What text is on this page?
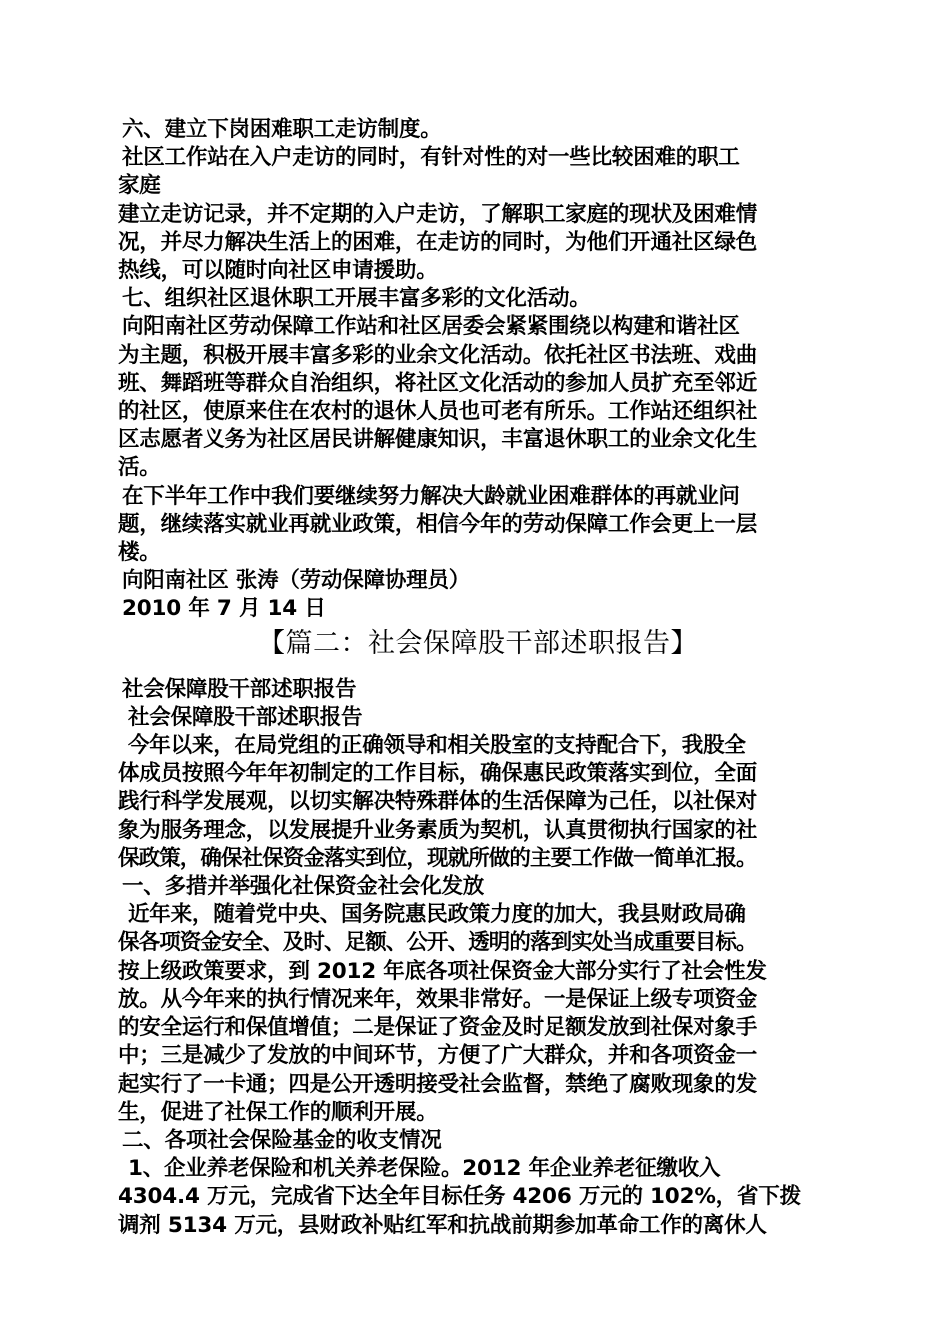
六、建立下岗困难职工走访制度。
社区工作站在入户走访的同时，有针对性的对一些比较困难的职工
家庭
建立走访记录，并不定期的入户走访，了解职工家庭的现状及困难情
况，并尽力解决生活上的困难，在走访的同时，为他们开通社区绿色
热线，可以随时向社区申请援助。
七、组织社区退休职工开展丰富多彩的文化活动。
向阳南社区劳动保障工作站和社区居委会紧紧围绕以构建和谐社区
为主题，积极开展丰富多彩的业余文化活动。依托社区书法班、戏曲
班、舞蹈班等群众自治组织，将社区文化活动的参加人员扩充至邻近
的社区，使原来住在农村的退休人员也可老有所乐。工作站还组织社
区志愿者义务为社区居民讲解健康知识，丰富退休职工的业余文化生
活。
在下半年工作中我们要继续努力解决大龄就业困难群体的再就业问
题，继续落实就业再就业政策，相信今年的劳动保障工作会更上一层
楼。
向阳南社区 张涛（劳动保障协理员）
2010 年 7 月 14 日
【篇二：社会保障股干部述职报告】
社会保障股干部述职报告
社会保障股干部述职报告
今年以来，在局党组的正确领导和相关股室的支持配合下，我股全
体成员按照今年年初制定的工作目标，确保惠民政策落实到位，全面
践行科学发展观，以切实解决特殊群体的生活保障为己任，以社保对
象为服务理念，以发展提升业务素质为契机，认真贯彻执行国家的社
保政策，确保社保资金落实到位，现就所做的主要工作做一简单汇报。
一、多措并举强化社保资金社会化发放
近年来，随着党中央、国务院惠民政策力度的加大，我县财政局确
保各项资金安全、及时、足额、公开、透明的落到实处当成重要目标。
按上级政策要求，到 2012 年底各项社保资金大部分实行了社会性发
放。从今年来的执行情况来年，效果非常好。一是保证上级专项资金
的安全运行和保值增值；二是保证了资金及时足额发放到社保对象手
中；三是减少了发放的中间环节，方便了广大群众，并和各项资金一
起实行了一卡通；四是公开透明接受社会监督，禁绝了腐败现象的发
生，促进了社保工作的顺利开展。
二、各项社会保险基金的收支情况
1、企业养老保险和机关养老保险。2012 年企业养老征缴收入
4304.4 万元，完成省下达全年目标任务 4206 万元的 102%，省下拨
调剂 5134 万元，县财政补贴红军和抗战前期参加革命工作的离休人
